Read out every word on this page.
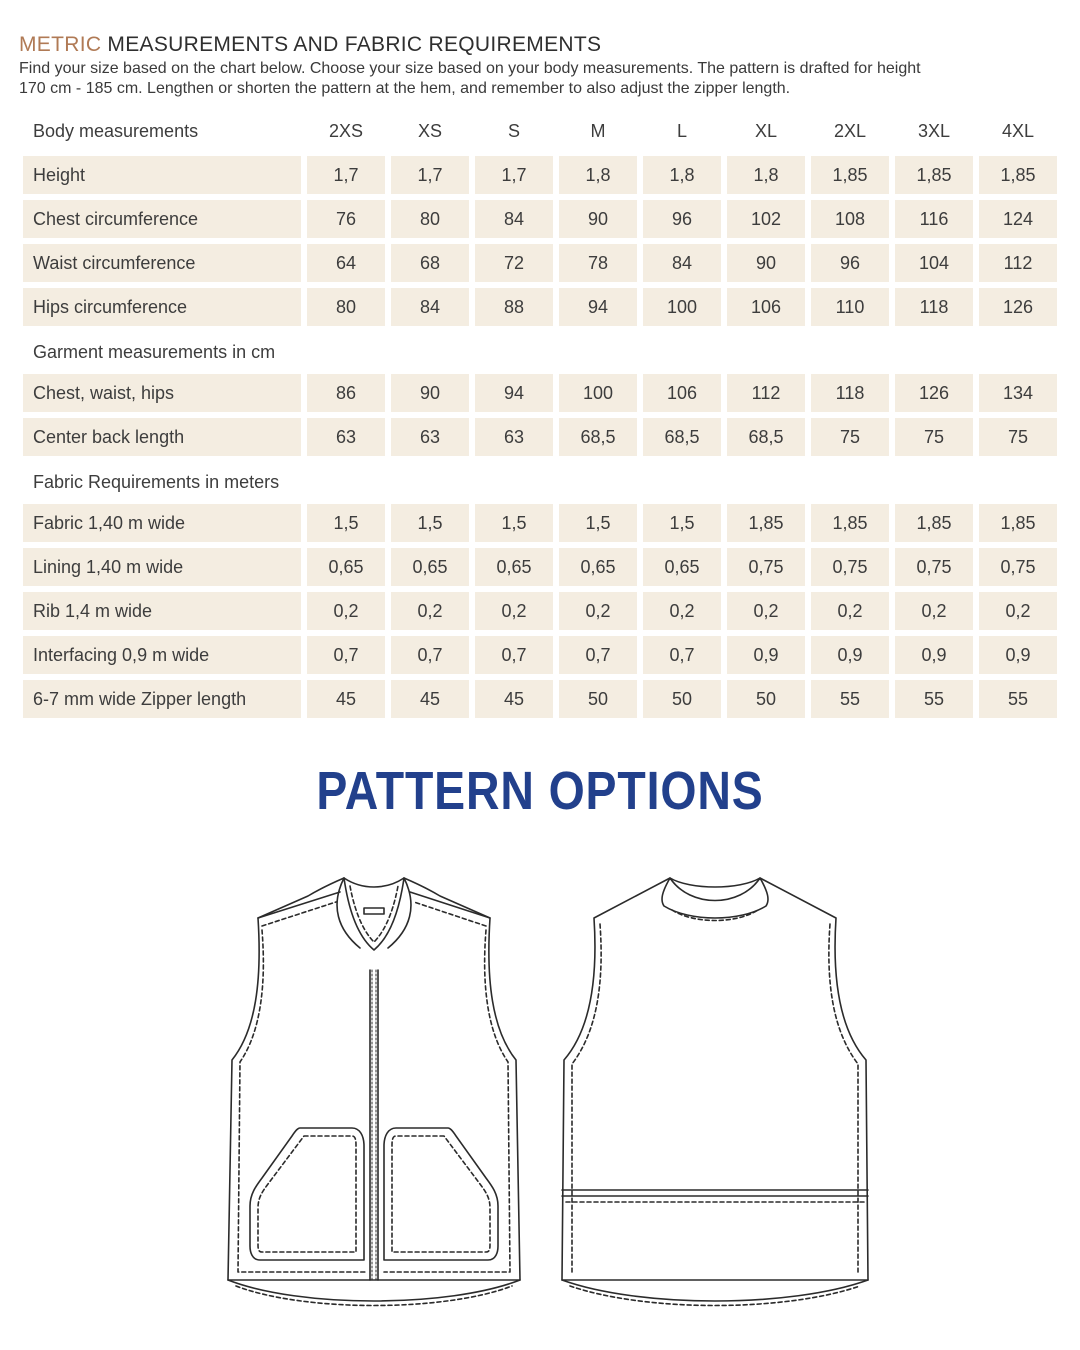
METRIC MEASUREMENTS AND FABRIC REQUIREMENTS
Find your size based on the chart below. Choose your size based on your body measurements. The pattern is drafted for height
170 cm - 185 cm. Lengthen or shorten the pattern at the hem, and remember to also adjust the zipper length.
Body measurements	2XS	XS	S	M	L	XL	2XL	3XL	4XL
Height	1,7	1,7	1,7	1,8	1,8	1,8	1,85	1,85	1,85
Chest circumference	76	80	84	90	96	102	108	116	124
Waist circumference	64	68	72	78	84	90	96	104	112
Hips circumference	80	84	88	94	100	106	110	118	126
Garment measurements in cm
Chest, waist, hips	86	90	94	100	106	112	118	126	134
Center back length	63	63	63	68,5	68,5	68,5	75	75	75
Fabric Requirements in meters
Fabric 1,40 m wide	1,5	1,5	1,5	1,5	1,5	1,85	1,85	1,85	1,85
Lining 1,40 m wide	0,65	0,65	0,65	0,65	0,65	0,75	0,75	0,75	0,75
Rib 1,4 m wide	0,2	0,2	0,2	0,2	0,2	0,2	0,2	0,2	0,2
Interfacing 0,9 m wide	0,7	0,7	0,7	0,7	0,7	0,9	0,9	0,9	0,9
6-7 mm wide Zipper length	45	45	45	50	50	50	55	55	55
PATTERN OPTIONS
